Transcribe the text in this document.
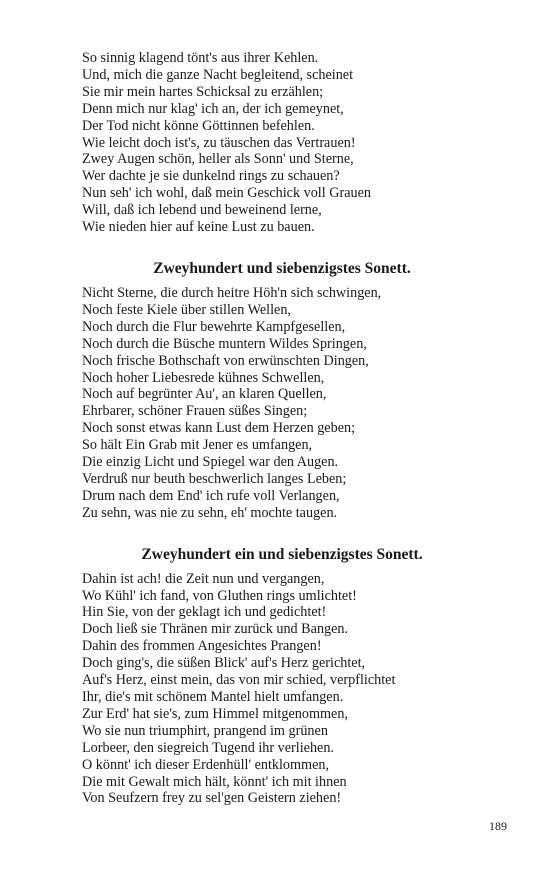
So sinnig klagend tönt's aus ihrer Kehlen.

Und, mich die ganze Nacht begleitend, scheinet

Sie mir mein hartes Schicksal zu erzählen;

Denn mich nur klag' ich an, der ich gemeynet,

Der Tod nicht könne Göttinnen befehlen.

Wie leicht doch ist's, zu täuschen das Vertrauen!

Zwey Augen schön, heller als Sonn' und Sterne,

Wer dachte je sie dunkelnd rings zu schauen?

Nun seh' ich wohl, daß mein Geschick voll Grauen

Will, daß ich lebend und beweinend lerne,

Wie nieden hier auf keine Lust zu bauen.

Zweyhundert und siebenzigstes Sonett.

Nicht Sterne, die durch heitre Höh'n sich schwingen,

Noch feste Kiele über stillen Wellen,

Noch durch die Flur bewehrte Kampfgesellen,

Noch durch die Büsche muntern Wildes Springen,

Noch frische Bothschaft von erwünschten Dingen,

Noch hoher Liebesrede kühnes Schwellen,

Noch auf begrünter Au', an klaren Quellen,

Ehrbarer, schöner Frauen süßes Singen;

Noch sonst etwas kann Lust dem Herzen geben;

So hält Ein Grab mit Jener es umfangen,

Die einzig Licht und Spiegel war den Augen.

Verdruß nur beuth beschwerlich langes Leben;

Drum nach dem End' ich rufe voll Verlangen,

Zu sehn, was nie zu sehn, eh' mochte taugen.

Zweyhundert ein und siebenzigstes Sonett.

Dahin ist ach! die Zeit nun und vergangen,

Wo Kühl' ich fand, von Gluthen rings umlichtet!

Hin Sie, von der geklagt ich und gedichtet!

Doch ließ sie Thränen mir zurück und Bangen.

Dahin des frommen Angesichtes Prangen!

Doch ging's, die süßen Blick' auf's Herz gerichtet,

Auf's Herz, einst mein, das von mir schied, verpflichtet

Ihr, die's mit schönem Mantel hielt umfangen.

Zur Erd' hat sie's, zum Himmel mitgenommen,

Wo sie nun triumphirt, prangend im grünen

Lorbeer, den siegreich Tugend ihr verliehen.

O könnt' ich dieser Erdenhüll' entklommen,

Die mit Gewalt mich hält, könnt' ich mit ihnen

Von Seufzern frey zu sel'gen Geistern ziehen!

189
